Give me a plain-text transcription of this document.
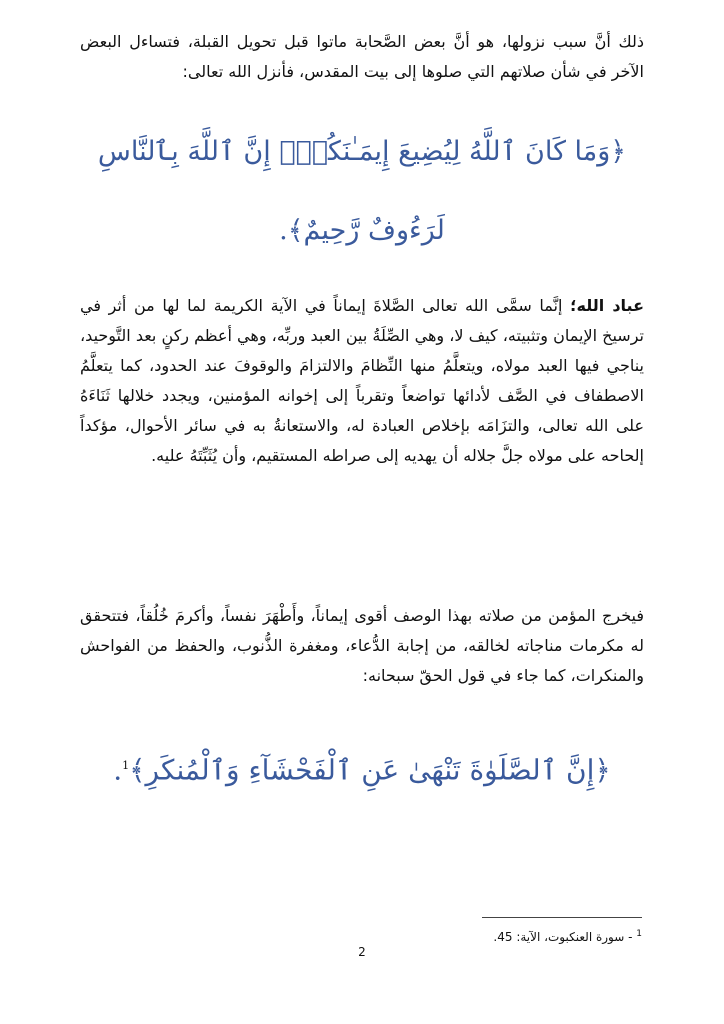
ذلك أنَّ سبب نزولها، هو أنَّ بعض الصَّحابة ماتوا قبل تحويل القبلة، فتساءل البعض الآخر في شأن صلاتهم التي صلوها إلى بيت المقدس، فأنزل الله تعالى:

﴿وَمَا كَانَ ٱللَّهُ لِيُضِيعَ إِيمَـٰنَكُمْۚ إِنَّ ٱللَّهَ بِٱلنَّاسِ

لَرَءُوفٌ رَّحِيمٌ﴾.

عباد الله؛ إنَّما سمَّى الله تعالى الصَّلاةَ إيماناً في الآية الكريمة لما لها من أثر في ترسيخ الإيمان وتثبيته، كيف لا، وهي الصِّلَةُ بين العبد وربِّه، وهي أعظم ركنٍ بعد التَّوحيد، يناجي فيها العبد مولاه، ويتعلَّمُ منها النِّظامَ والالتزامَ والوقوفَ عند الحدود، كما يتعلَّمُ الاصطفاف في الصَّف لأدائها تواضعاً وتقرباً إلى إخوانه المؤمنين، ويجدد خلالها ثَنَاءَهُ على الله تعالى، والتزَامَه بإخلاص العبادة له، والاستعانةُ به في سائر الأحوال، مؤكداً إلحاحه على مولاه جلَّ جلاله أن يهديه إلى صراطه المستقيم، وأن يُثَبِّتَهُ عليه.

فيخرج المؤمن من صلاته بهذا الوصف أقوى إيماناً، وأَطْهَرَ نفساً، وأكرمَ خُلُقاً، فتتحقق له مكرمات مناجاته لخالقه، من إجابة الدُّعاء، ومغفرة الذُّنوب، والحفظ من الفواحش والمنكرات، كما جاء في قول الحقّ سبحانه:

﴿إِنَّ ٱلصَّلَوٰةَ تَنْهَىٰ عَنِ ٱلْفَحْشَآءِ وَٱلْمُنكَرِ﴾$^1$.

$^1$ - سورة العنكبوت، الآية: 45.

2
